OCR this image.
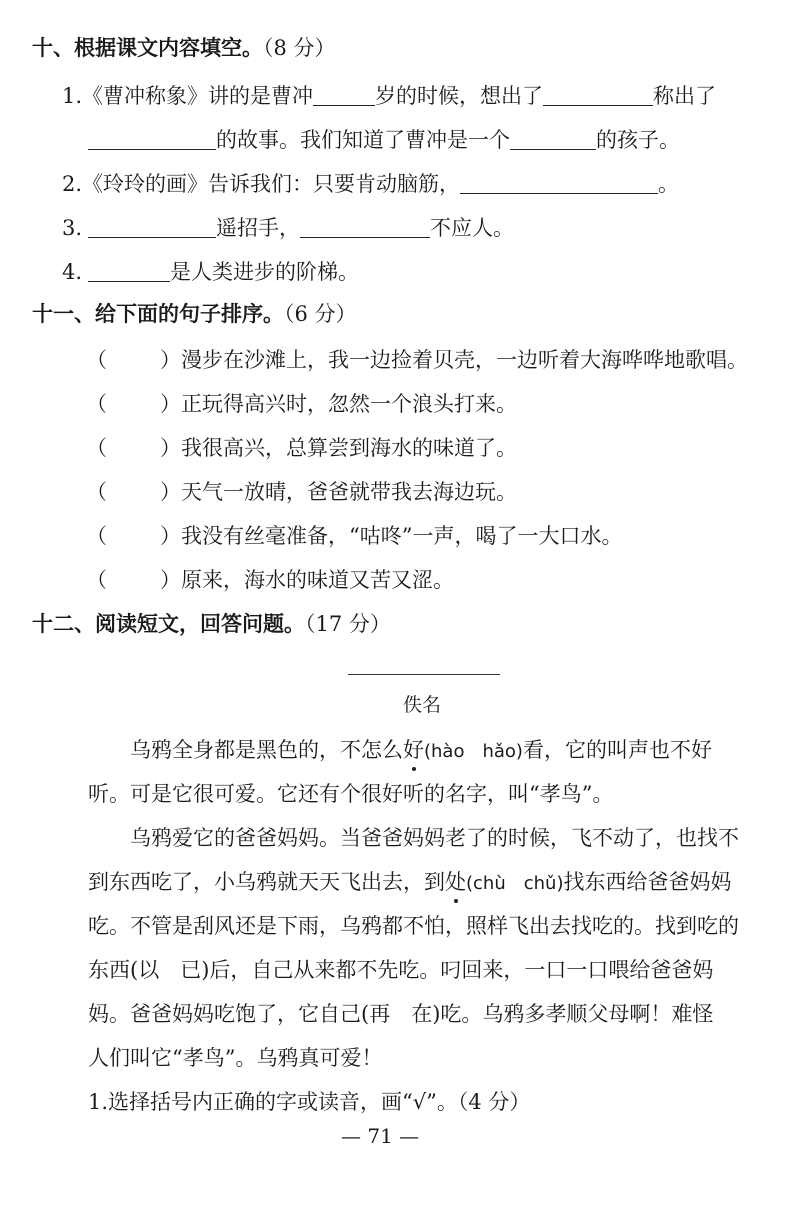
十、根据课文内容填空。（8 分）
1.《曹冲称象》讲的是曹冲	岁的时候，想出了	称出了
的故事。我们知道了曹冲是一个	的孩子。
2.《玲玲的画》告诉我们：只要肯动脑筋，	。
3.	遥招手，	不应人。
4.	是人类进步的阶梯。
十一、给下面的句子排序。（6 分）
（	）漫步在沙滩上，我一边捡着贝壳，一边听着大海哗哗地歌唱。
（	）正玩得高兴时，忽然一个浪头打来。
（	）我很高兴，总算尝到海水的味道了。
（	）天气一放晴，爸爸就带我去海边玩。
（	）我没有丝毫准备，“咕咚”一声，喝了一大口水。
（	）原来，海水的味道又苦又涩。
十二、阅读短文，回答问题。（17 分）
佚名
乌鸦全身都是黑色的，不怎么好(hào　hǎo)看，它的叫声也不好
听。可是它很可爱。它还有个很好听的名字，叫“孝鸟”。
乌鸦爱它的爸爸妈妈。当爸爸妈妈老了的时候，飞不动了，也找不
到东西吃了，小乌鸦就天天飞出去，到处(chù　chǔ)找东西给爸爸妈妈
吃。不管是刮风还是下雨，乌鸦都不怕，照样飞出去找吃的。找到吃的
东西(以　已)后，自己从来都不先吃。叼回来，一口一口喂给爸爸妈
妈。爸爸妈妈吃饱了，它自己(再　在)吃。乌鸦多孝顺父母啊！难怪
人们叫它“孝鸟”。乌鸦真可爱！
1.选择括号内正确的字或读音，画“√”。（4 分）
— 71 —
